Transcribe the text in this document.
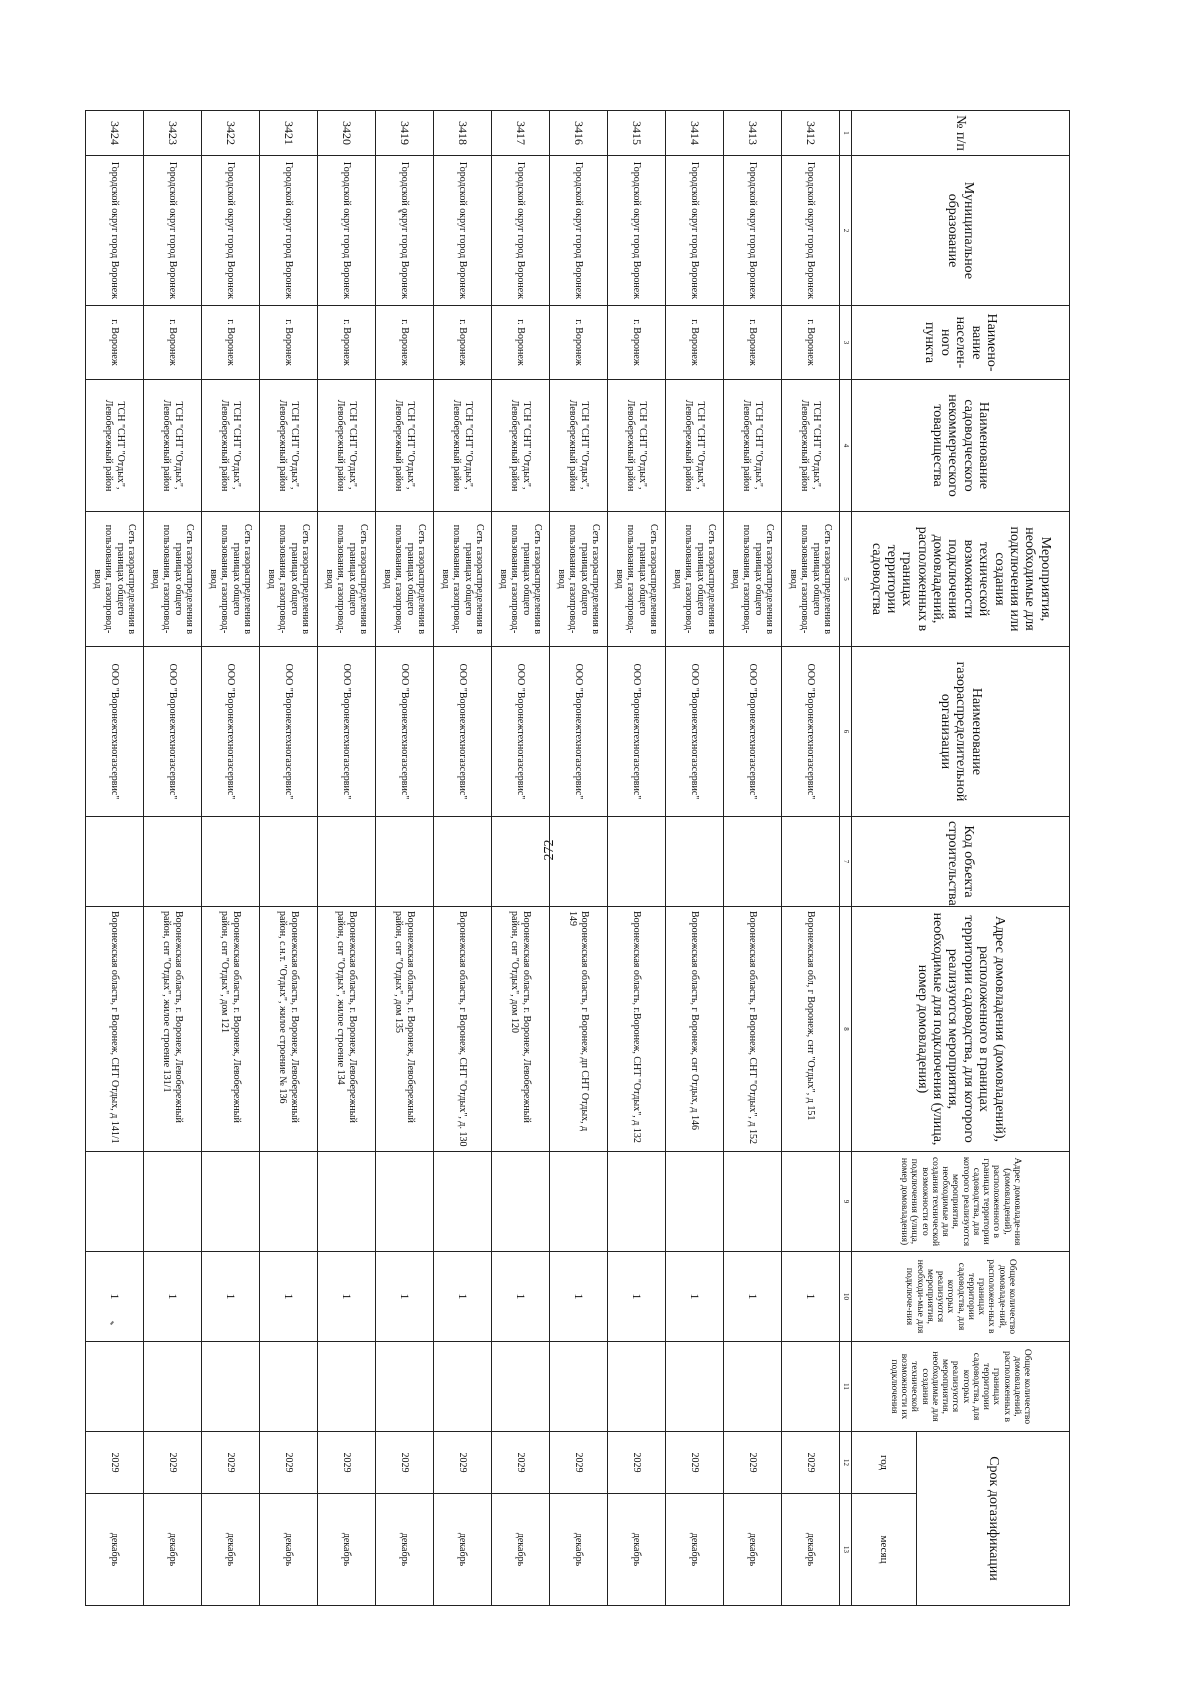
272
№ п/п	Муниципальное образование	Наимено-вание населен-ного пункта	Наименование садоводческого некоммерческого товарищества	Мероприятия, необходимые для подключения или создания технической возможности подключения домовладений, расположенных в границах территории садоводства	Наименование газораспределительной организации	Код объекта строительства	Адрес домовладения (домовладений), расположенного в границах территории садоводства, для которого реализуются мероприятия, необходимые для подключения (улица, номер домовладения)	Адрес домовладе-ния (домовладений), расположенного в границах территории садоводства, для которого реализуются мероприятия, необходимые для создания технической возможности его подключения (улица, номер домовладения)	Общее количество домовладе-ний, расположен-ных в границах территории садоводства, для которых реализуются мероприятия, необходи-мые для подключе-ния	Общее количество домовладений, расположенных в границах территории садоводства, для которых реализуются мероприятия, необходимые для создания технической возможности их подключения	Срок догазификации	
											год	месяц
1	2	3	4	5	6	7	8	9	10	11	12	13
3412	Городской округ город Воронеж	г. Воронеж	ТСН "СНТ "Отдых", Левобережный район	Сеть газораспределения в границах общего пользования, газопровод-ввод	ООО "Воронежтехногазсервис"		Воронежская обл, г Воронеж, снт "Отдых", д 151		1		2029	декабрь
3413	Городской округ город Воронеж	г. Воронеж	ТСН "СНТ "Отдых", Левобережный район	Сеть газораспределения в границах общего пользования, газопровод-ввод	ООО "Воронежтехногазсервис"		Воронежская область, г Воронеж, СНТ "Отдых", д 152		1		2029	декабрь
3414	Городской округ город Воронеж	г. Воронеж	ТСН "СНТ "Отдых", Левобережный район	Сеть газораспределения в границах общего пользования, газопровод-ввод	ООО "Воронежтехногазсервис"		Воронежская область, г Воронеж, снт Отдых, д 146		1		2029	декабрь
3415	Городской округ город Воронеж	г. Воронеж	ТСН "СНТ "Отдых", Левобережный район	Сеть газораспределения в границах общего пользования, газопровод-ввод	ООО "Воронежтехногазсервис"		Воронежская область, г.Воронеж, СНТ "Отдых", д 132		1		2029	декабрь
3416	Городской округ город Воронеж	г. Воронеж	ТСН "СНТ "Отдых", Левобережный район	Сеть газораспределения в границах общего пользования, газопровод-ввод	ООО "Воронежтехногазсервис"		Воронежская область, г Воронеж, дп СНТ Отдых, д 149		1		2029	декабрь
3417	Городской округ город Воронеж	г. Воронеж	ТСН "СНТ "Отдых", Левобережный район	Сеть газораспределения в границах общего пользования, газопровод-ввод	ООО "Воронежтехногазсервис"		Воронежская область, г. Воронеж, Левобережный район, снт "Отдых", дом 120		1		2029	декабрь
3418	Городской округ город Воронеж	г. Воронеж	ТСН "СНТ "Отдых", Левобережный район	Сеть газораспределения в границах общего пользования, газопровод-ввод	ООО "Воронежтехногазсервис"		Воронежская область, г Воронеж, СНТ "Отдых", д. 130		1		2029	декабрь
3419	Городской округ город Воронеж	г. Воронеж	ТСН "СНТ "Отдых", Левобережный район	Сеть газораспределения в границах общего пользования, газопровод-ввод	ООО "Воронежтехногазсервис"		Воронежская область, г. Воронеж, Левобережный район, снт "Отдых", дом 135		1		2029	декабрь
3420	Городской округ город Воронеж	г. Воронеж	ТСН "СНТ "Отдых", Левобережный район	Сеть газораспределения в границах общего пользования, газопровод-ввод	ООО "Воронежтехногазсервис"		Воронежская область, г. Воронеж, Левобережный район, снт "Отдых", жилое строение 134		1		2029	декабрь
3421	Городской округ город Воронеж	г. Воронеж	ТСН "СНТ "Отдых", Левобережный район	Сеть газораспределения в границах общего пользования, газопровод-ввод	ООО "Воронежтехногазсервис"		Воронежская область, г. Воронеж, Левобережный район, с.н.т. "Отдых", жилое строение № 136		1		2029	декабрь
3422	Городской округ город Воронеж	г. Воронеж	ТСН "СНТ "Отдых", Левобережный район	Сеть газораспределения в границах общего пользования, газопровод-ввод	ООО "Воронежтехногазсервис"		Воронежская область, г. Воронеж, Левобережный район, снт "Отдых", дом 121		1		2029	декабрь
3423	Городской округ город Воронеж	г. Воронеж	ТСН "СНТ "Отдых", Левобережный район	Сеть газораспределения в границах общего пользования, газопровод-ввод	ООО "Воронежтехногазсервис"		Воронежская область, г. Воронеж, Левобережный район, снт "Отдых", жилое строение 131/1		1		2029	декабрь
3424	Городской округ город Воронеж	г. Воронеж	ТСН "СНТ "Отдых", Левобережный район	Сеть газораспределения в границах общего пользования, газопровод-ввод	ООО "Воронежтехногазсервис"		Воронежская область, г Воронеж, СНТ Отдых, д 141/1		1		2029	декабрь
